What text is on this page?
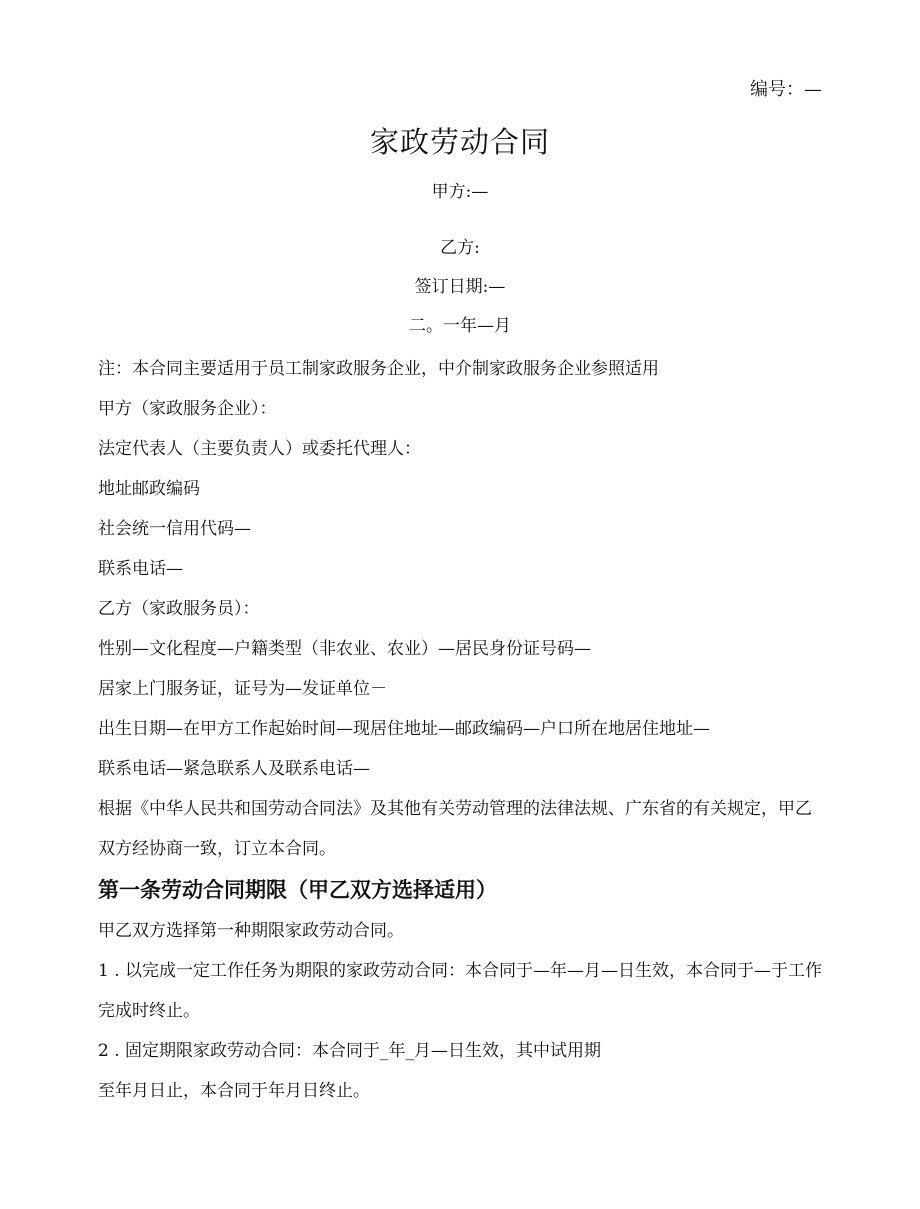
编号：—
家政劳动合同
甲方:—
乙方:
签订日期:—
二。一年—月

注：本合同主要适用于员工制家政服务企业，中介制家政服务企业参照适用

甲方（家政服务企业）：

法定代表人（主要负责人）或委托代理人：

地址邮政编码

社会统一信用代码—

联系电话—

乙方（家政服务员）：

性别—文化程度—户籍类型（非农业、农业）—居民身份证号码—

居家上门服务证，证号为—发证单位－

出生日期—在甲方工作起始时间—现居住地址—邮政编码—户口所在地居住地址—

联系电话—紧急联系人及联系电话—

根据《中华人民共和国劳动合同法》及其他有关劳动管理的法律法规、广东省的有关规定，甲乙双方经协商一致，订立本合同。

第一条劳动合同期限（甲乙双方选择适用）

甲乙双方选择第一种期限家政劳动合同。

1 . 以完成一定工作任务为期限的家政劳动合同：本合同于—年—月—日生效，本合同于—于工作完成时终止。

2 . 固定期限家政劳动合同：本合同于_年_月—日生效，其中试用期

至年月日止，本合同于年月日终止。
